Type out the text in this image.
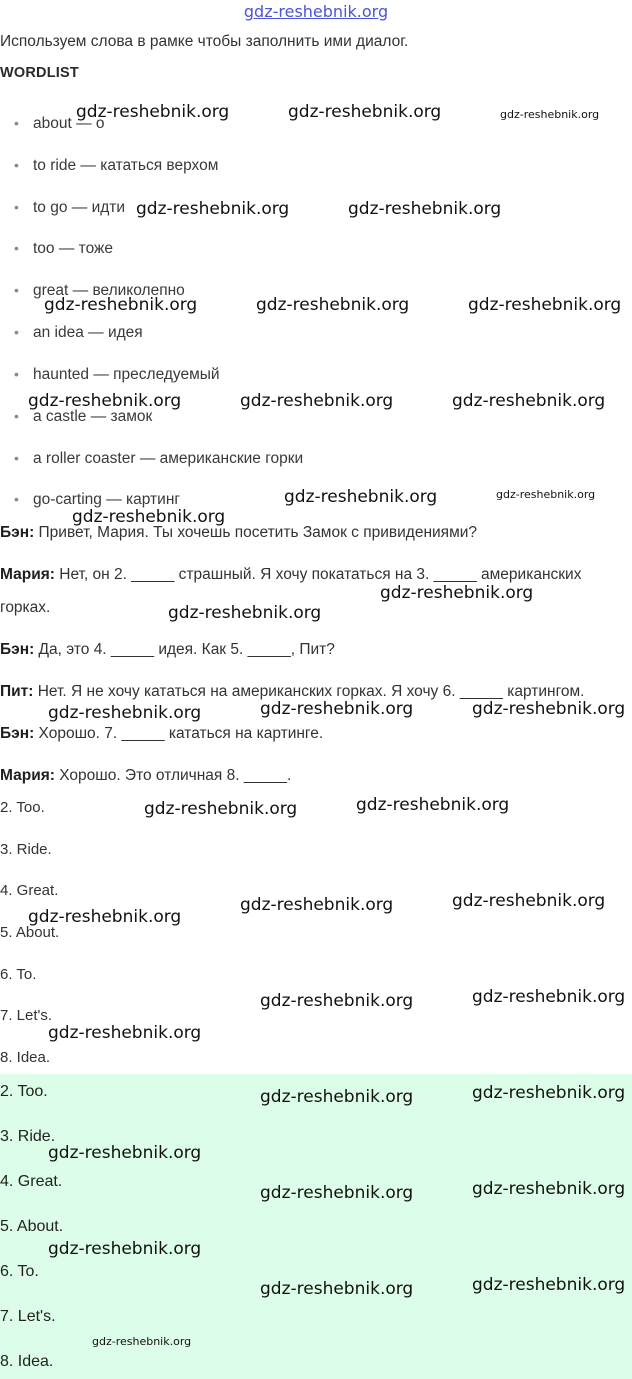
gdz-reshebnik.org
Используем слова в рамке чтобы заполнить ими диалог.
WORDLIST
• about — о
• to ride — кататься верхом
• to go — идти
• too — тоже
• great — великолепно
• an idea — идея
• haunted — преследуемый
• a castle — замок
• a roller coaster — американские горки
• go-carting — картинг
Бэн: Привет, Мария. Ты хочешь посетить Замок с привидениями?
Мария: Нет, он 2. _____ страшный. Я хочу покататься на 3. _____ американских
горках.
Бэн: Да, это 4. _____ идея. Как 5. _____, Пит?
Пит: Нет. Я не хочу кататься на американских горках. Я хочу 6. _____ картингом.
Бэн: Хорошо. 7. _____ кататься на картинге.
Мария: Хорошо. Это отличная 8. _____.
2. Too.
3. Ride.
4. Great.
5. About.
6. To.
7. Let's.
8. Idea.
2. Too.
3. Ride.
4. Great.
5. About.
6. To.
7. Let's.
8. Idea.
gdz-reshebnik.org	gdz-reshebnik.org	gdz-reshebnik.org
gdz-reshebnik.org	gdz-reshebnik.org
gdz-reshebnik.org	gdz-reshebnik.org	gdz-reshebnik.org
gdz-reshebnik.org	gdz-reshebnik.org	gdz-reshebnik.org
gdz-reshebnik.org	gdz-reshebnik.org
gdz-reshebnik.org
gdz-reshebnik.org
gdz-reshebnik.org
gdz-reshebnik.org	gdz-reshebnik.org
gdz-reshebnik.org
gdz-reshebnik.org
gdz-reshebnik.org
gdz-reshebnik.org
gdz-reshebnik.org
gdz-reshebnik.org
gdz-reshebnik.org
gdz-reshebnik.org
gdz-reshebnik.org
gdz-reshebnik.org
gdz-reshebnik.org
gdz-reshebnik.org
gdz-reshebnik.org
gdz-reshebnik.org
gdz-reshebnik.org
gdz-reshebnik.org
gdz-reshebnik.org
gdz-reshebnik.org
